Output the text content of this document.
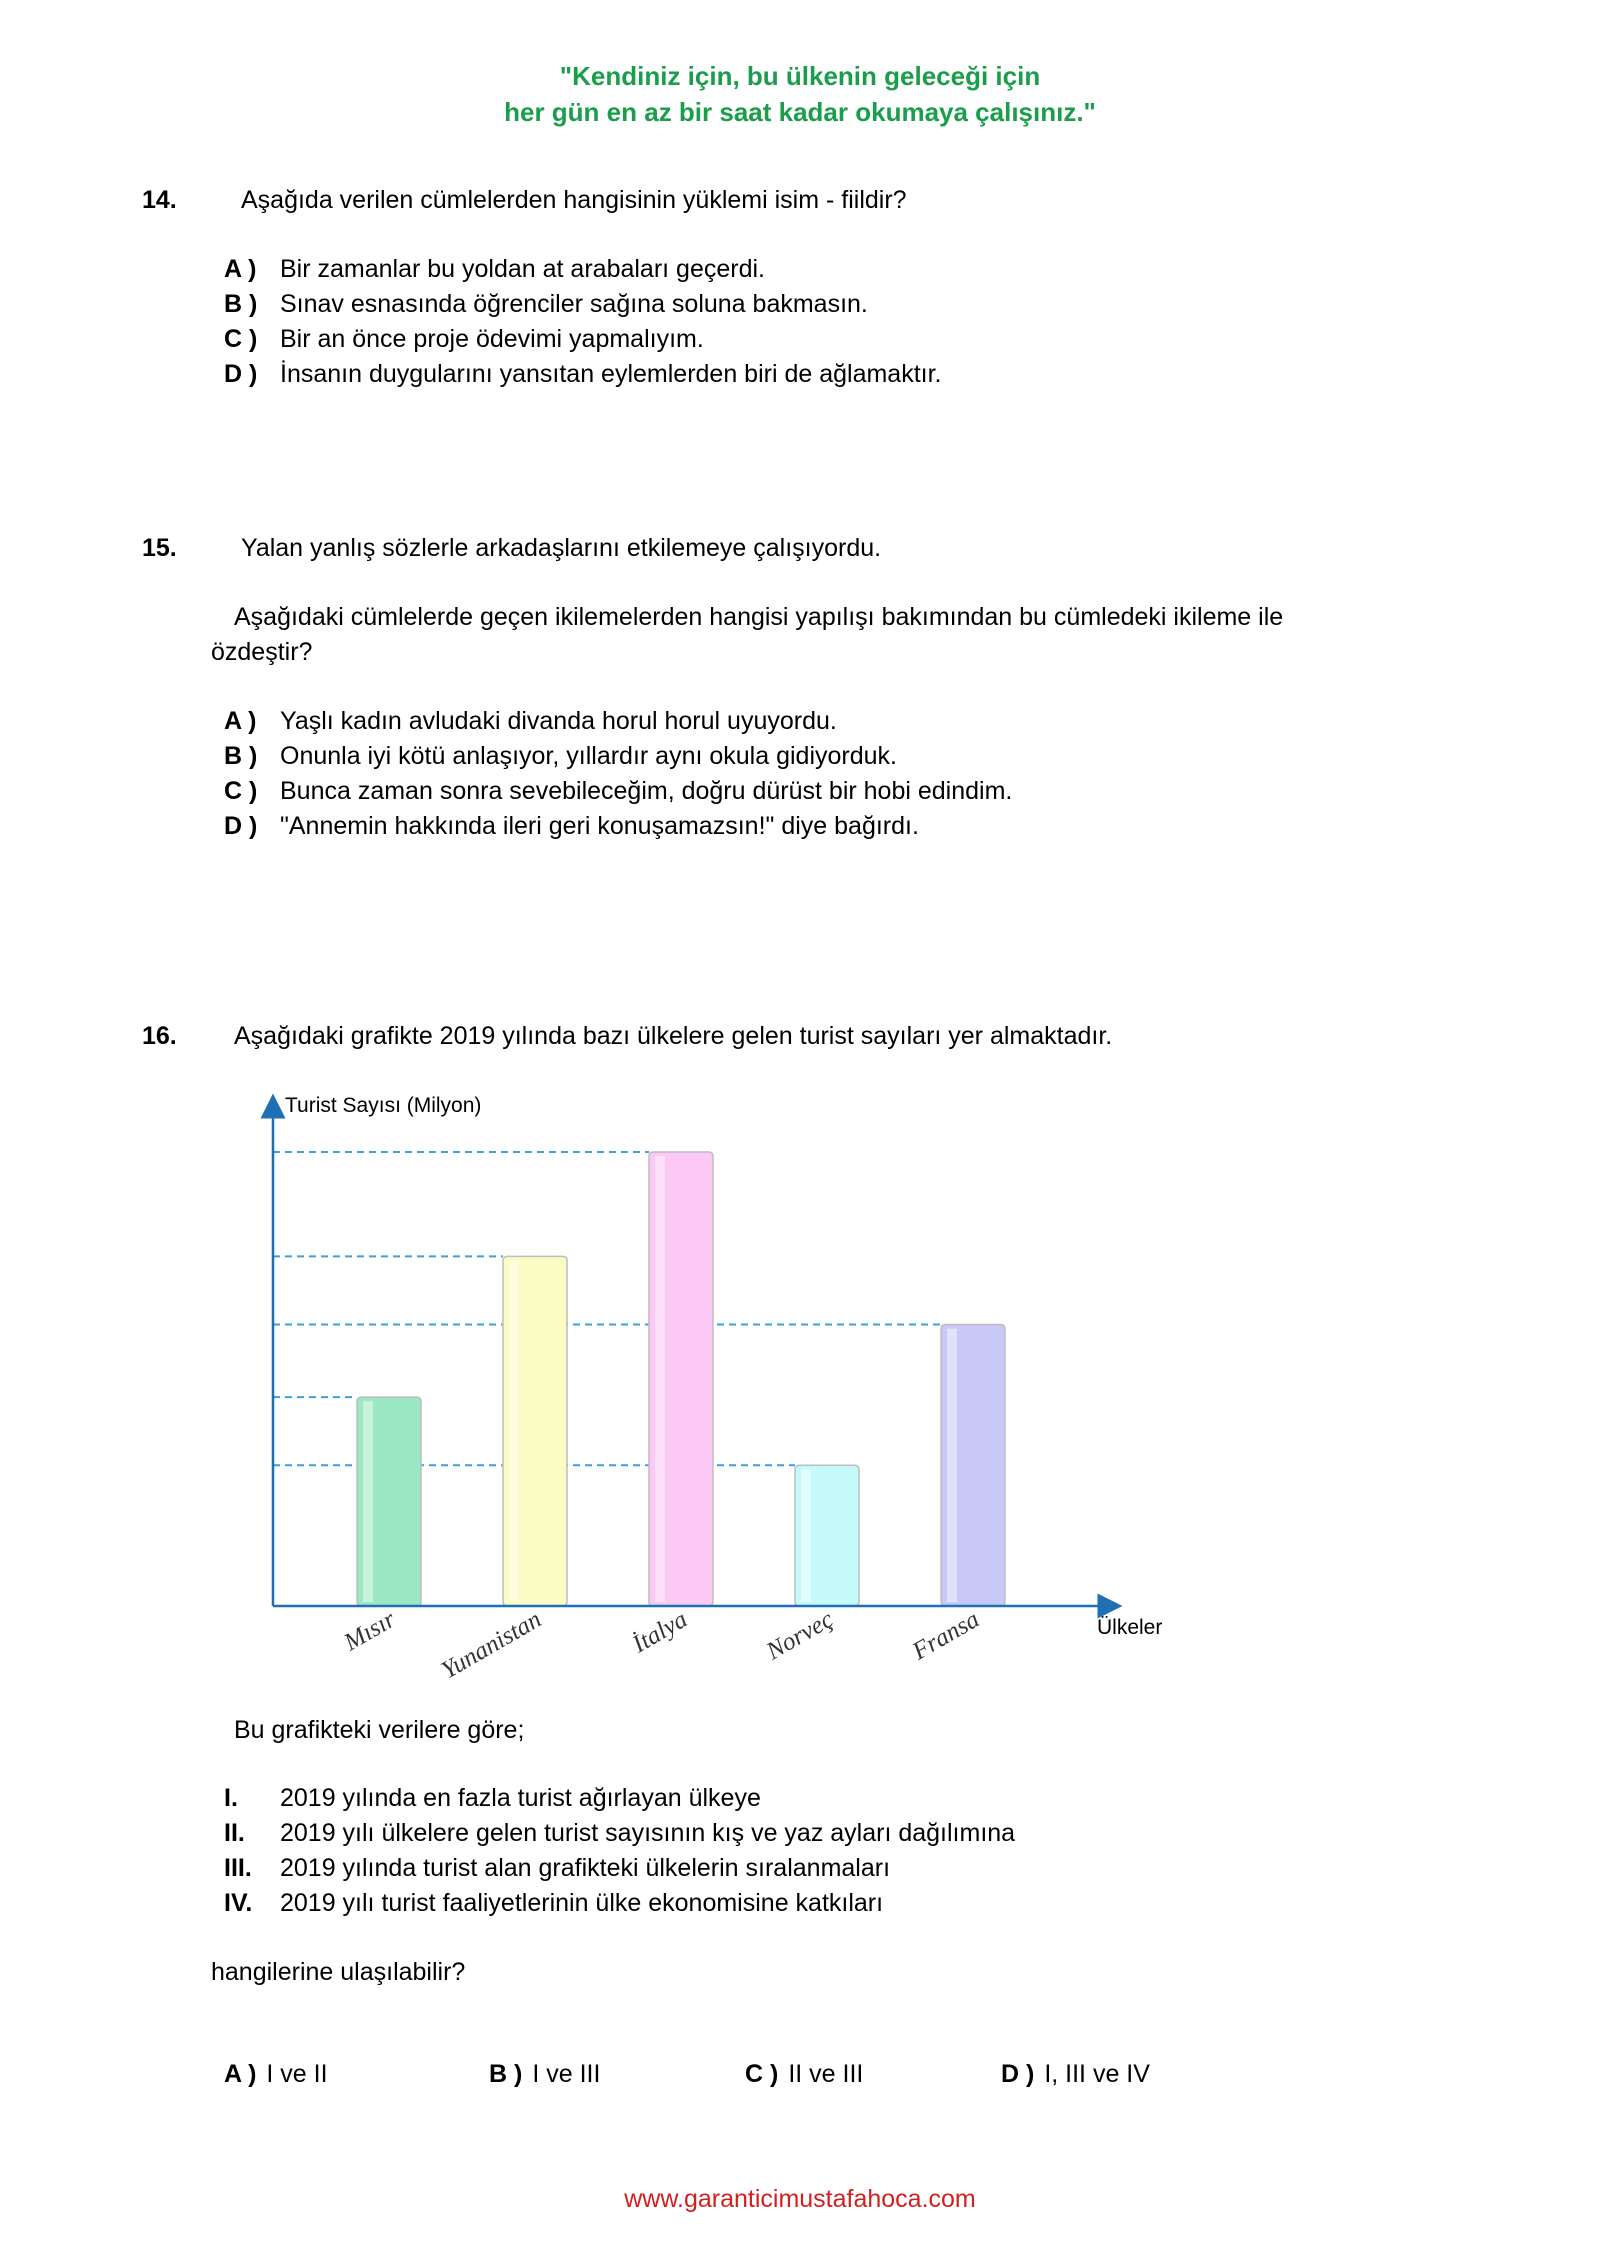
"Kendiniz için, bu ülkenin geleceği için
her gün en az bir saat kadar okumaya çalışınız."
14.	Aşağıda verilen cümlelerden hangisinin yüklemi isim - fiildir?
A ) Bir zamanlar bu yoldan at arabaları geçerdi.
B ) Sınav esnasında öğrenciler sağına soluna bakmasın.
C ) Bir an önce proje ödevimi yapmalıyım.
D ) İnsanın duygularını yansıtan eylemlerden biri de ağlamaktır.
15.	Yalan yanlış sözlerle arkadaşlarını etkilemeye çalışıyordu.
Aşağıdaki cümlelerde geçen ikilemelerden hangisi yapılışı bakımından bu cümledeki ikileme ile
özdeştir?
A ) Yaşlı kadın avludaki divanda horul horul uyuyordu.
B ) Onunla iyi kötü anlaşıyor, yıllardır aynı okula gidiyorduk.
C ) Bunca zaman sonra sevebileceğim, doğru dürüst bir hobi edindim.
D ) "Annemin hakkında ileri geri konuşamazsın!" diye bağırdı.
16. Aşağıdaki grafikte 2019 yılında bazı ülkelere gelen turist sayıları yer almaktadır.
Turist Sayısı (Milyon)
Ülkeler
Mısır Yunanistan	İtalya	Norveç	Fransa
Bu grafikteki verilere göre;
I. 2019 yılında en fazla turist ağırlayan ülkeye
II. 2019 yılı ülkelere gelen turist sayısının kış ve yaz ayları dağılımına
III. 2019 yılında turist alan grafikteki ülkelerin sıralanmaları
IV. 2019 yılı turist faaliyetlerinin ülke ekonomisine katkıları
hangilerine ulaşılabilir?
A ) I ve II	B ) I ve III	C ) II ve III	D ) I, III ve IV
www.garanticimustafahoca.com
